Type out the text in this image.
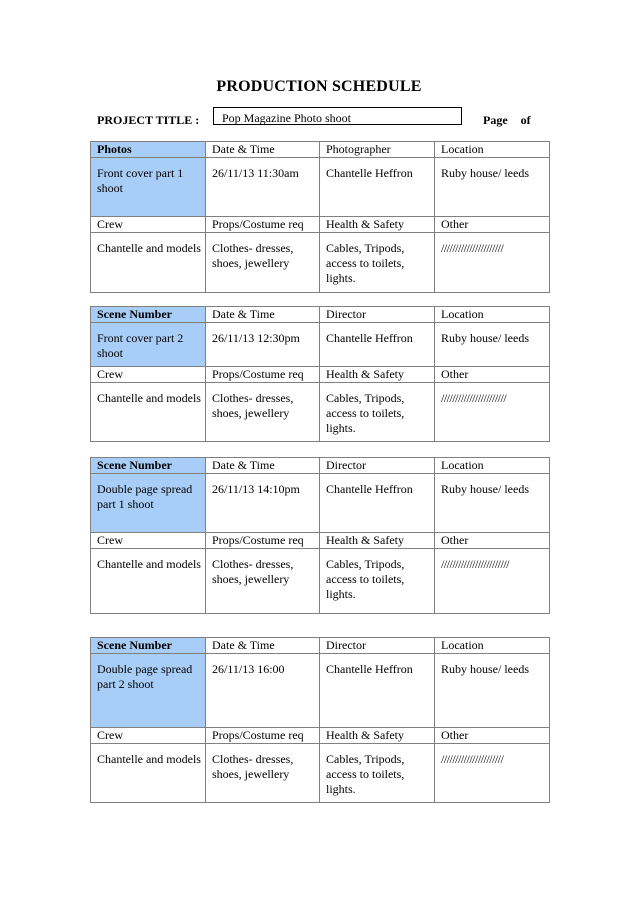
PRODUCTION SCHEDULE
PROJECT TITLE : Pop Magazine Photo shoot	Page of
Photos	Date & Time	Photographer	Location
Front cover part 1 shoot	26/11/13 11:30am	Chantelle Heffron	Ruby house/ leeds
Crew	Props/Costume req	Health & Safety	Other
Chantelle and models	Clothes- dresses, shoes, jewellery	Cables, Tripods, access to toilets, lights.	//////////////////////
Scene Number	Date & Time	Director	Location
Front cover part 2 shoot	26/11/13 12:30pm	Chantelle Heffron	Ruby house/ leeds
Crew	Props/Costume req	Health & Safety	Other
Chantelle and models	Clothes- dresses, shoes, jewellery	Cables, Tripods, access to toilets, lights.	///////////////////////
Scene Number	Date & Time	Director	Location
Double page spread part 1 shoot	26/11/13 14:10pm	Chantelle Heffron	Ruby house/ leeds
Crew	Props/Costume req	Health & Safety	Other
Chantelle and models	Clothes- dresses, shoes, jewellery	Cables, Tripods, access to toilets, lights.	////////////////////////
Scene Number	Date & Time	Director	Location
Double page spread part 2 shoot	26/11/13 16:00	Chantelle Heffron	Ruby house/ leeds
Crew	Props/Costume req	Health & Safety	Other
Chantelle and models	Clothes- dresses, shoes, jewellery	Cables, Tripods, access to toilets, lights.	//////////////////////
